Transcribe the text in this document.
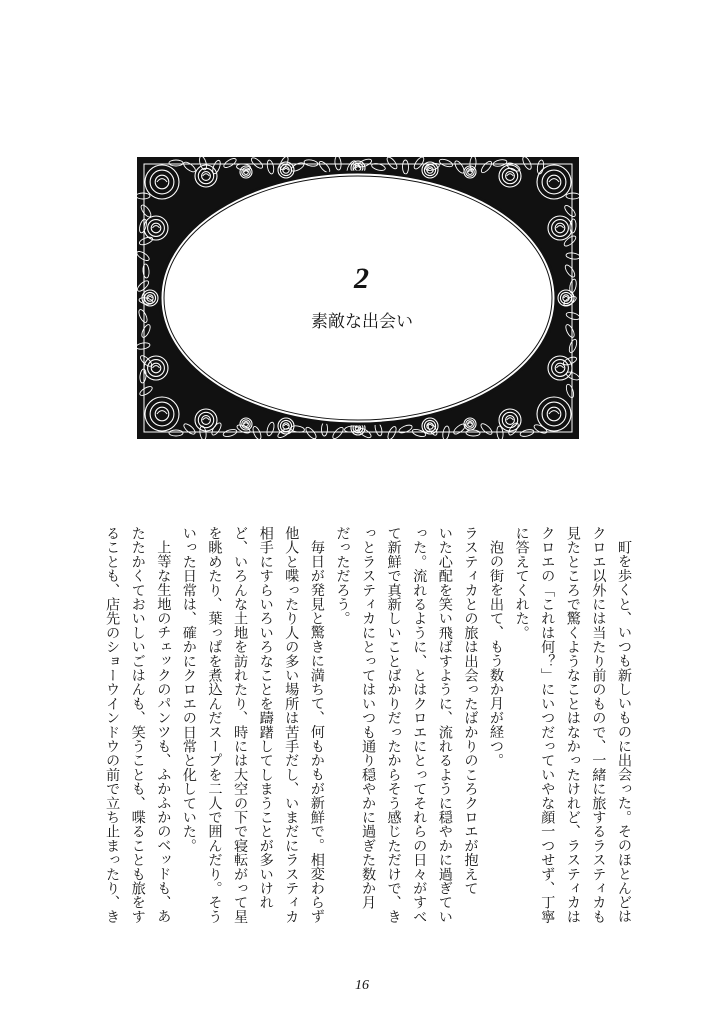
2
素敵な出会い
町を歩くと、いつも新しいものに出会った。そのほとんどは
クロエ以外には当たり前のもので、一緒に旅するラスティカも
見たところで驚くようなことはなかったけれど、ラスティカは
クロエの「これは何？」にいつだっていやな顔一つせず、丁寧
に答えてくれた。
泡の街を出て、もう数か月が経つ。
ラスティカとの旅は出会ったばかりのころクロエが抱えて
いた心配を笑い飛ばすように、流れるように穏やかに過ぎてい
った。流れるように、とはクロエにとってそれらの日々がすべ
て新鮮で真新しいことばかりだったからそう感じただけで、き
っとラスティカにとってはいつも通り穏やかに過ぎた数か月
だっただろう。
毎日が発見と驚きに満ちて、何もかもが新鮮で。相変わらず
他人と喋ったり人の多い場所は苦手だし、いまだにラスティカ
相手にすらいろいろなことを躊躇してしまうことが多いけれ
ど、いろんな土地を訪れたり、時には大空の下で寝転がって星
を眺めたり、葉っぱを煮込んだスープを二人で囲んだり。そう
いった日常は、確かにクロエの日常と化していた。
上等な生地のチェックのパンツも、ふかふかのベッドも、あ
たたかくておいしいごはんも、笑うことも、喋ることも旅をす
ることも、店先のショーウインドウの前で立ち止まったり、き
16
